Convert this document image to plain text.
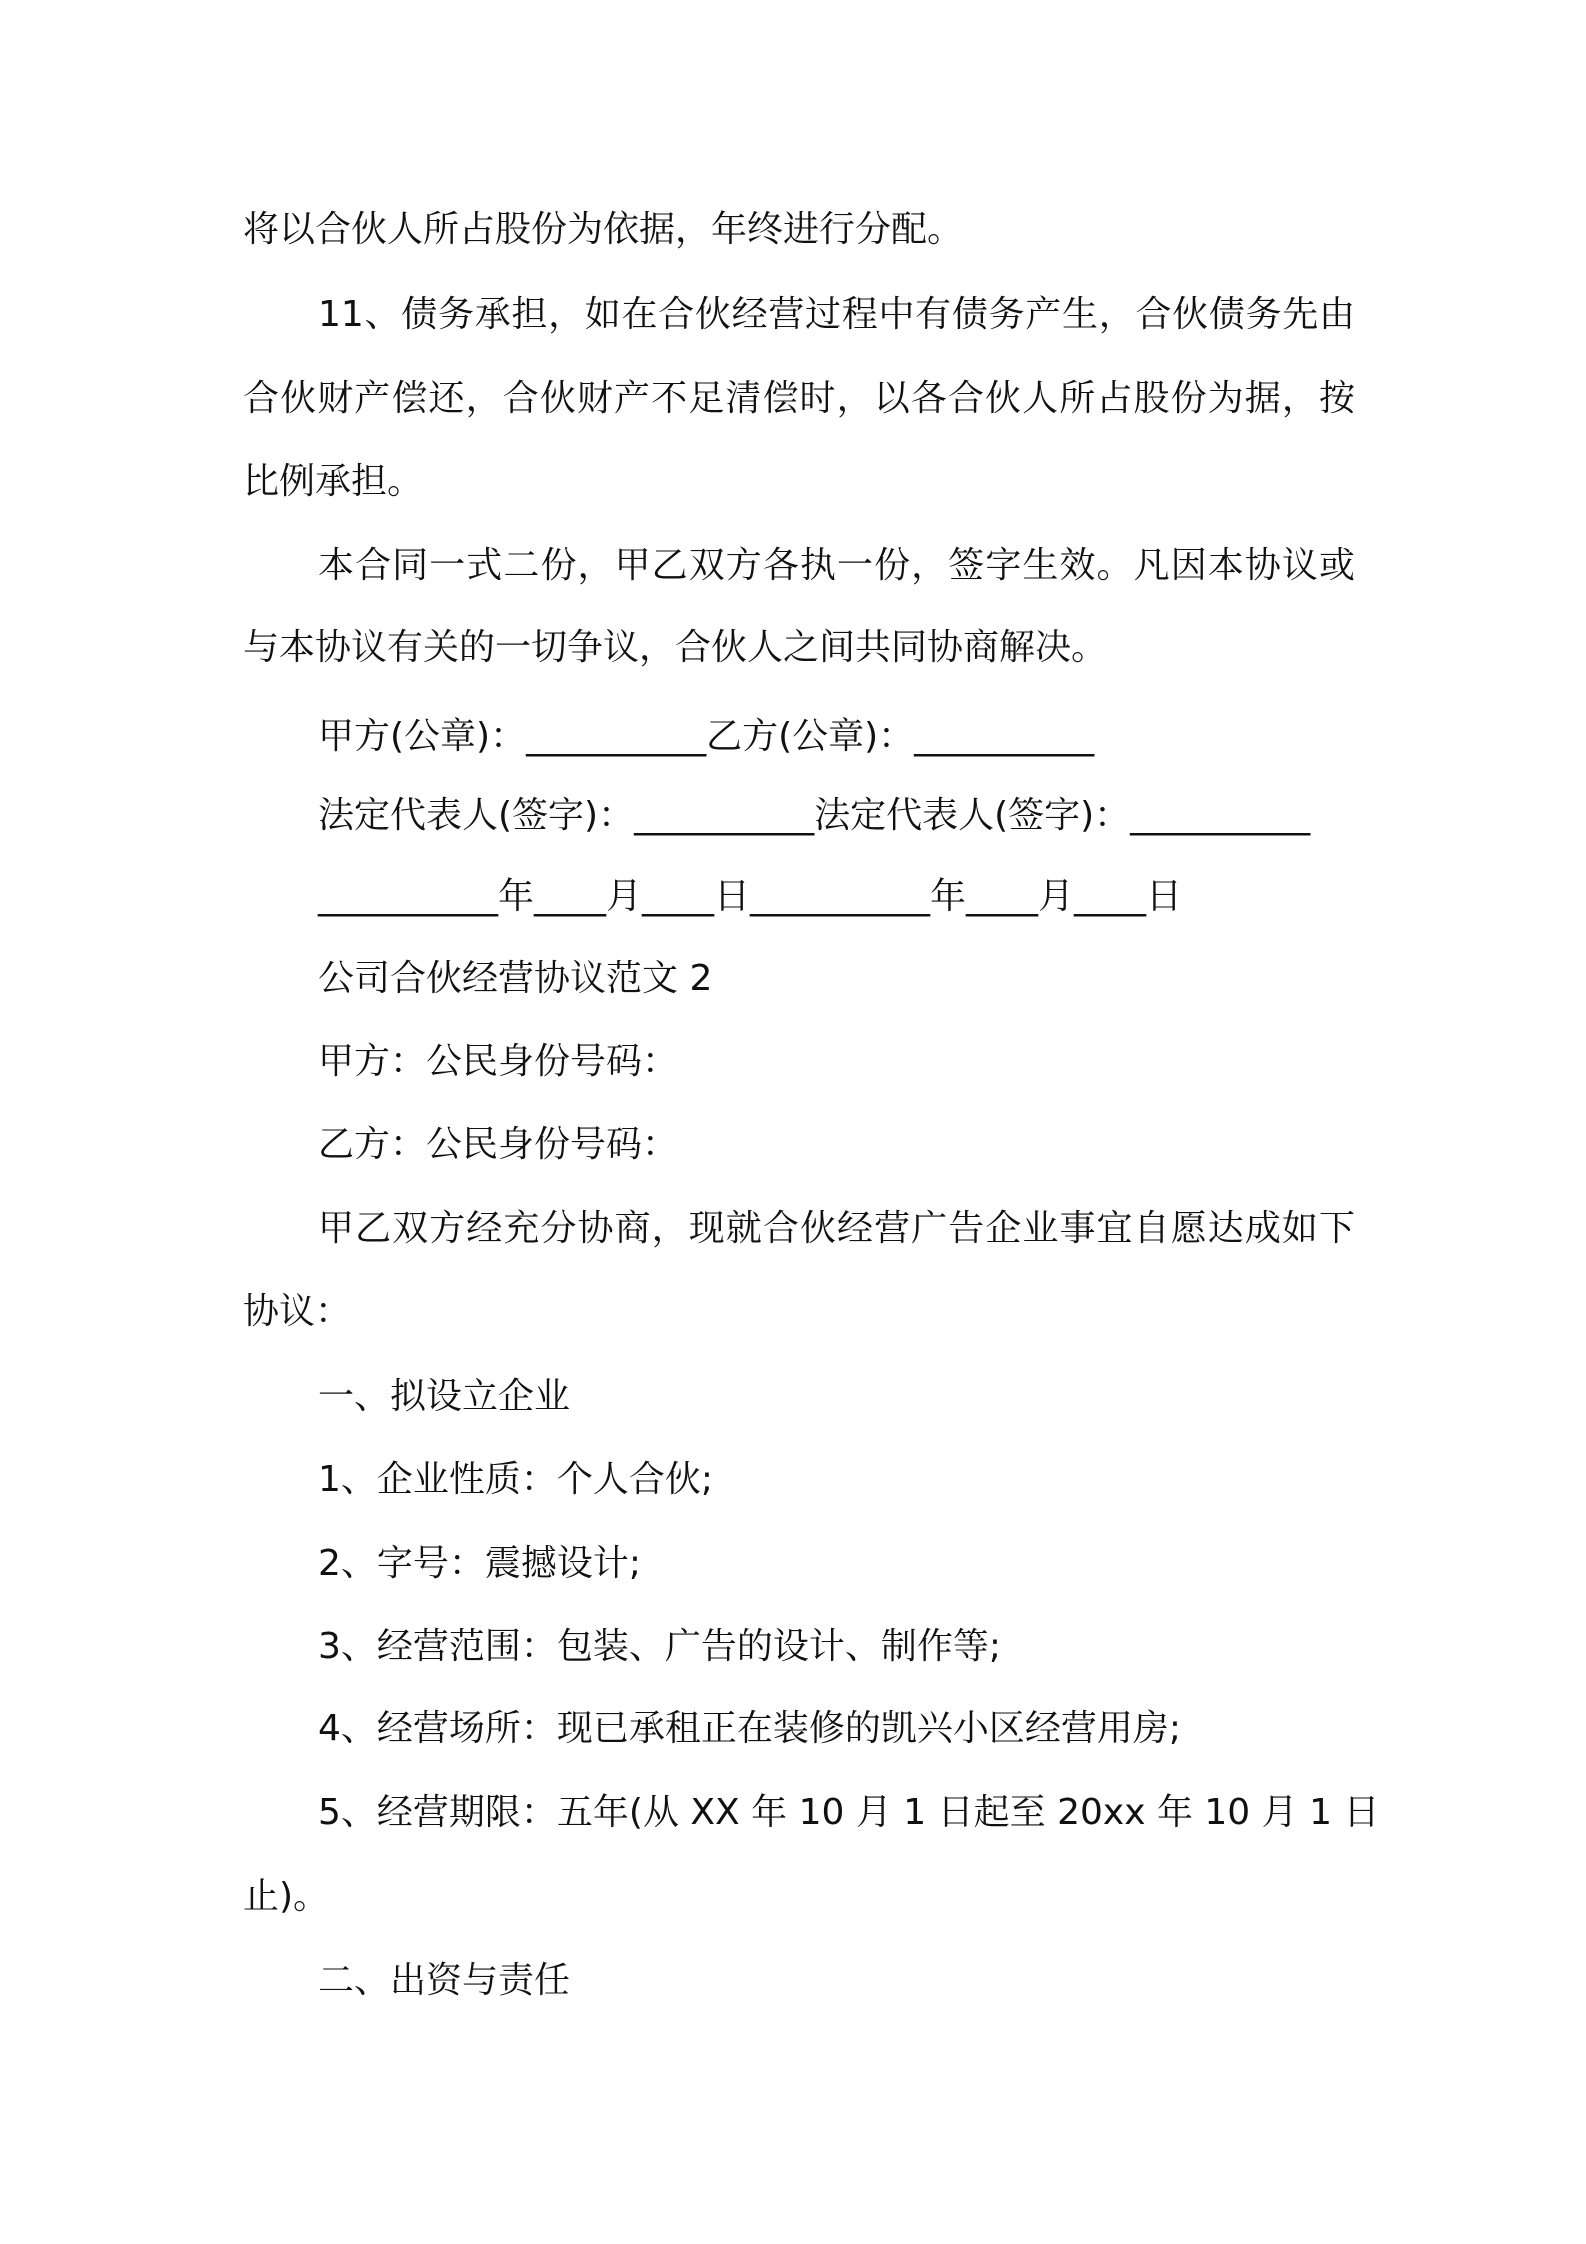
将以合伙人所占股份为依据，年终进行分配。
11、债务承担，如在合伙经营过程中有债务产生，合伙债务先由
合伙财产偿还，合伙财产不足清偿时，以各合伙人所占股份为据，按
比例承担。
本合同一式二份，甲乙双方各执一份，签字生效。凡因本协议或
与本协议有关的一切争议，合伙人之间共同协商解决。
甲方(公章)：__________乙方(公章)：__________
法定代表人(签字)：__________法定代表人(签字)：__________
__________年____月____日__________年____月____日
公司合伙经营协议范文 2
甲方：公民身份号码：
乙方：公民身份号码：
甲乙双方经充分协商，现就合伙经营广告企业事宜自愿达成如下
协议：
一、拟设立企业
1、企业性质：个人合伙;
2、字号：震撼设计;
3、经营范围：包装、广告的设计、制作等;
4、经营场所：现已承租正在装修的凯兴小区经营用房;
5、经营期限：五年(从 XX 年 10 月 1 日起至 20xx 年 10 月 1 日
止)。
二、出资与责任
